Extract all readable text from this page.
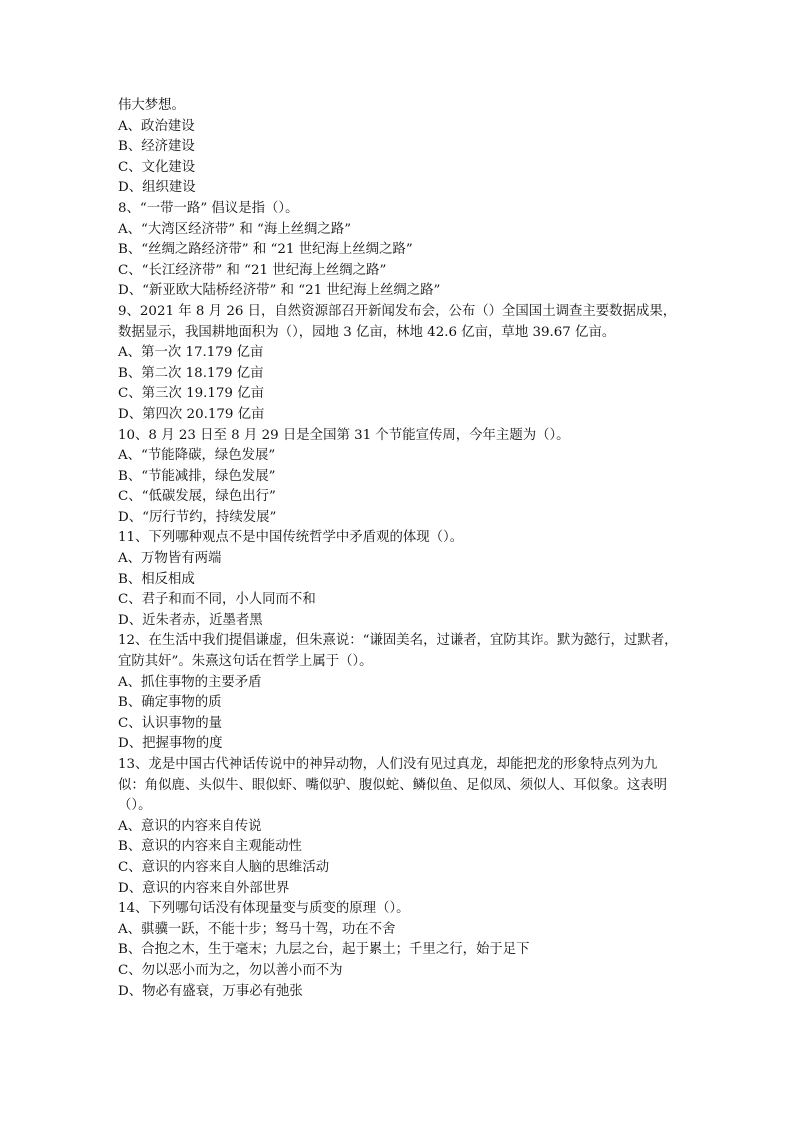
伟大梦想。
A、政治建设
B、经济建设
C、文化建设
D、组织建设
8、“一带一路” 倡议是指（）。
A、“大湾区经济带” 和 “海上丝绸之路”
B、“丝绸之路经济带” 和 “21 世纪海上丝绸之路”
C、“长江经济带” 和 “21 世纪海上丝绸之路”
D、“新亚欧大陆桥经济带” 和 “21 世纪海上丝绸之路”
9、2021 年 8 月 26 日，自然资源部召开新闻发布会，公布（）全国国土调查主要数据成果，数据显示，我国耕地面积为（），园地 3 亿亩，林地 42.6 亿亩，草地 39.67 亿亩。
A、第一次 17.179 亿亩
B、第二次 18.179 亿亩
C、第三次 19.179 亿亩
D、第四次 20.179 亿亩
10、8 月 23 日至 8 月 29 日是全国第 31 个节能宣传周，今年主题为（）。
A、“节能降碳，绿色发展”
B、“节能减排，绿色发展”
C、“低碳发展，绿色出行”
D、“厉行节约，持续发展”
11、下列哪种观点不是中国传统哲学中矛盾观的体现（）。
A、万物皆有两端
B、相反相成
C、君子和而不同，小人同而不和
D、近朱者赤，近墨者黑
12、在生活中我们提倡谦虚，但朱熹说：“谦固美名，过谦者，宜防其诈。默为懿行，过默者，宜防其奸”。朱熹这句话在哲学上属于（）。
A、抓住事物的主要矛盾
B、确定事物的质
C、认识事物的量
D、把握事物的度
13、龙是中国古代神话传说中的神异动物，人们没有见过真龙，却能把龙的形象特点列为九似：角似鹿、头似牛、眼似虾、嘴似驴、腹似蛇、鳞似鱼、足似凤、须似人、耳似象。这表明（）。
A、意识的内容来自传说
B、意识的内容来自主观能动性
C、意识的内容来自人脑的思维活动
D、意识的内容来自外部世界
14、下列哪句话没有体现量变与质变的原理（）。
A、骐骥一跃，不能十步；驽马十驾，功在不舍
B、合抱之木，生于毫末；九层之台，起于累土；千里之行，始于足下
C、勿以恶小而为之，勿以善小而不为
D、物必有盛衰，万事必有弛张
